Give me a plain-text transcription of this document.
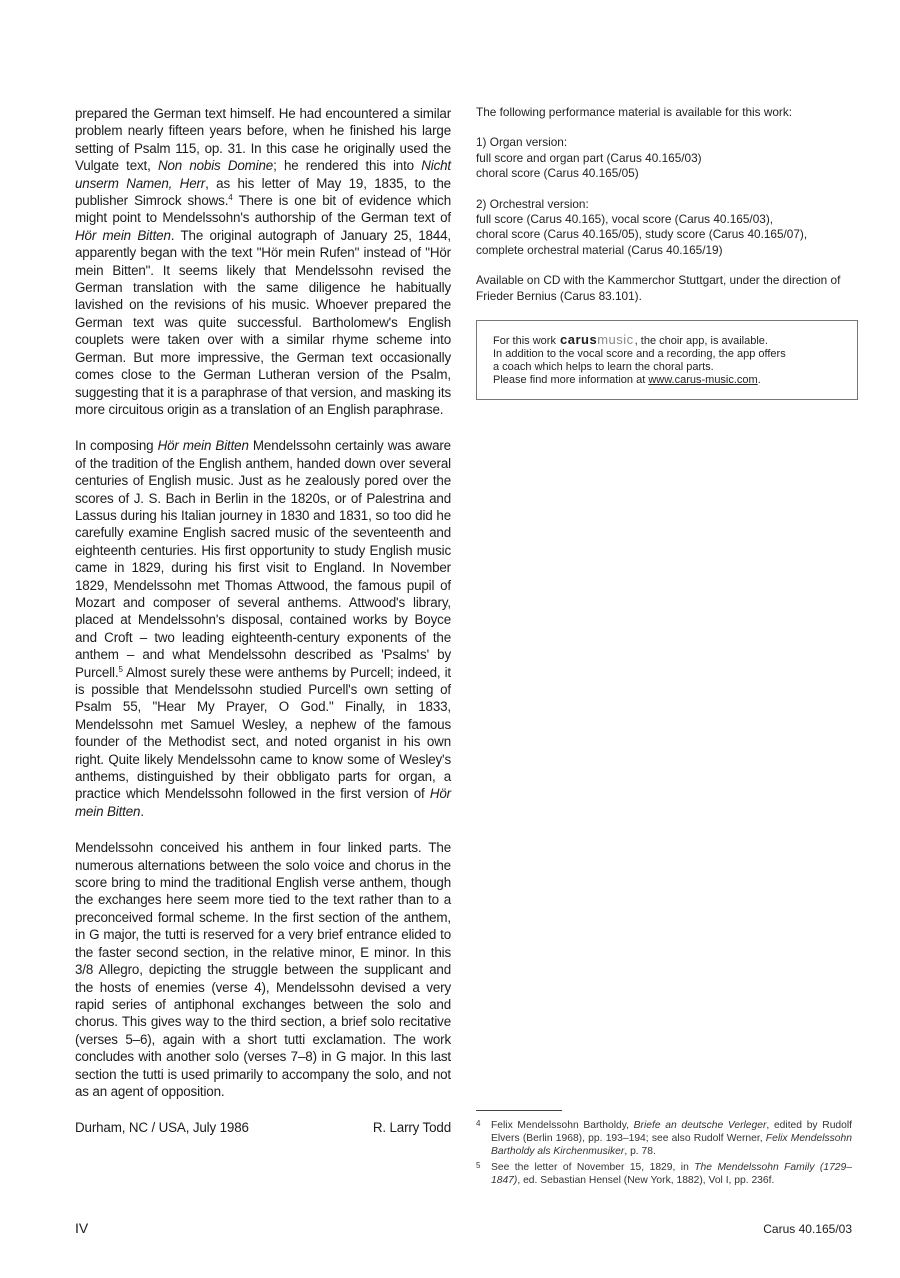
prepared the German text himself. He had encountered a similar problem nearly fifteen years before, when he finished his large setting of Psalm 115, op. 31. In this case he originally used the Vulgate text, Non nobis Domine; he rendered this into Nicht unserm Namen, Herr, as his letter of May 19, 1835, to the publisher Simrock shows.$^4$ There is one bit of evidence which might point to Mendelssohn's authorship of the German text of Hör mein Bitten. The original autograph of January 25, 1844, apparently began with the text "Hör mein Rufen" instead of "Hör mein Bitten". It seems likely that Mendelssohn revised the German translation with the same diligence he habitually lavished on the revisions of his music. Whoever prepared the German text was quite successful. Bartholomew's English couplets were taken over with a similar rhyme scheme into German. But more impressive, the German text occasionally comes close to the German Lutheran version of the Psalm, suggesting that it is a paraphrase of that version, and masking its more circuitous origin as a translation of an English paraphrase.

In composing Hör mein Bitten Mendelssohn certainly was aware of the tradition of the English anthem, handed down over several centuries of English music. Just as he zealously pored over the scores of J. S. Bach in Berlin in the 1820s, or of Palestrina and Lassus during his Italian journey in 1830 and 1831, so too did he carefully examine English sacred music of the seventeenth and eighteenth centuries. His first opportunity to study English music came in 1829, during his first visit to England. In November 1829, Mendelssohn met Thomas Attwood, the famous pupil of Mozart and composer of several anthems. Attwood's library, placed at Mendelssohn's disposal, contained works by Boyce and Croft – two leading eighteenth-century exponents of the anthem – and what Mendelssohn described as 'Psalms' by Purcell.$^5$ Almost surely these were anthems by Purcell; indeed, it is possible that Mendelssohn studied Purcell's own setting of Psalm 55, "Hear My Prayer, O God." Finally, in 1833, Mendelssohn met Samuel Wesley, a nephew of the famous founder of the Methodist sect, and noted organist in his own right. Quite likely Mendelssohn came to know some of Wesley's anthems, distinguished by their obbligato parts for organ, a practice which Mendelssohn followed in the first version of Hör mein Bitten.

Mendelssohn conceived his anthem in four linked parts. The numerous alternations between the solo voice and chorus in the score bring to mind the traditional English verse anthem, though the exchanges here seem more tied to the text rather than to a preconceived formal scheme. In the first section of the anthem, in G major, the tutti is reserved for a very brief entrance elided to the faster second section, in the relative minor, E minor. In this 3/8 Allegro, depicting the struggle between the supplicant and the hosts of enemies (verse 4), Mendelssohn devised a very rapid series of antiphonal exchanges between the solo and chorus. This gives way to the third section, a brief solo recitative (verses 5–6), again with a short tutti exclamation. The work concludes with another solo (verses 7–8) in G major. In this last section the tutti is used primarily to accompany the solo, and not as an agent of opposition.

Durham, NC / USA, July 1986	R. Larry Todd

The following performance material is available for this work:

1) Organ version:
full score and organ part (Carus 40.165/03)
choral score (Carus 40.165/05)

2) Orchestral version:
full score (Carus 40.165), vocal score (Carus 40.165/03),
choral score (Carus 40.165/05), study score (Carus 40.165/07),
complete orchestral material (Carus 40.165/19)

Available on CD with the Kammerchor Stuttgart, under the direction of Frieder Bernius (Carus 83.101).

For this work carus music , the choir app, is available.
In addition to the vocal score and a recording, the app offers
a coach which helps to learn the choral parts.
Please find more information at www.carus-music.com.
4	Felix Mendelssohn Bartholdy, Briefe an deutsche Verleger, edited by Rudolf Elvers (Berlin 1968), pp. 193–194; see also Rudolf Werner, Felix Mendelssohn Bartholdy als Kirchenmusiker, p. 78.
5	See the letter of November 15, 1829, in The Mendelssohn Family (1729–1847), ed. Sebastian Hensel (New York, 1882), Vol I, pp. 236f.
IV	Carus 40.165/03
